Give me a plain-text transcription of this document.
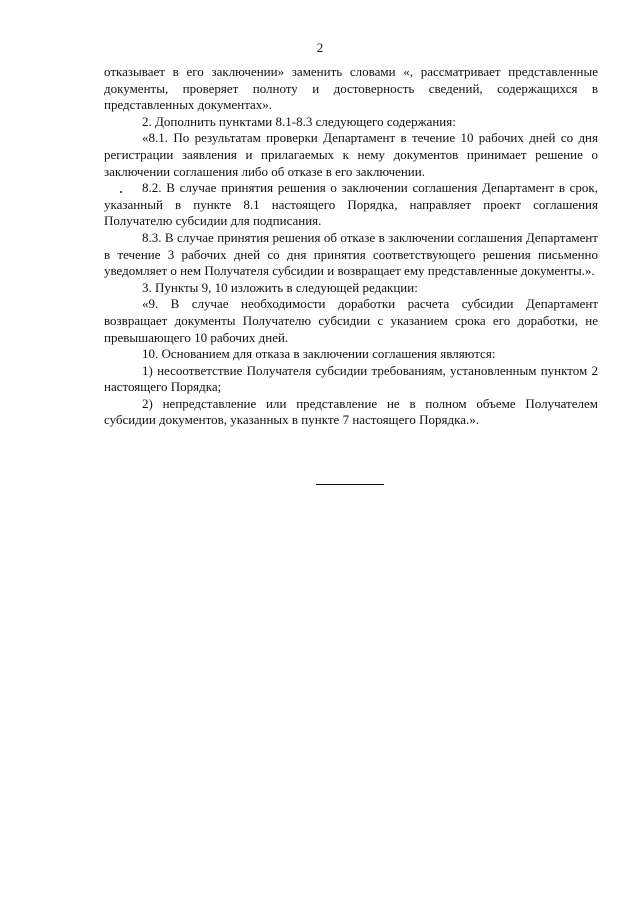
2

отказывает в его заключении» заменить словами «, рассматривает представленные документы, проверяет полноту и достоверность сведений, содержащихся в представленных документах».

2. Дополнить пунктами 8.1-8.3 следующего содержания:

«8.1. По результатам проверки Департамент в течение 10 рабочих дней со дня регистрации заявления и прилагаемых к нему документов принимает решение о заключении соглашения либо об отказе в его заключении.

8.2. В случае принятия решения о заключении соглашения Департамент в срок, указанный в пункте 8.1 настоящего Порядка, направляет проект соглашения Получателю субсидии для подписания.

8.3. В случае принятия решения об отказе в заключении соглашения Департамент в течение 3 рабочих дней со дня принятия соответствующего решения письменно уведомляет о нем Получателя субсидии и возвращает ему представленные документы.».

3. Пункты 9, 10 изложить в следующей редакции:

«9. В случае необходимости доработки расчета субсидии Департамент возвращает документы Получателю субсидии с указанием срока его доработки, не превышающего 10 рабочих дней.

10. Основанием для отказа в заключении соглашения являются:

1) несоответствие Получателя субсидии требованиям, установленным пунктом 2 настоящего Порядка;

2) непредставление или представление не в полном объеме Получателем субсидии документов, указанных в пункте 7 настоящего Порядка.».
